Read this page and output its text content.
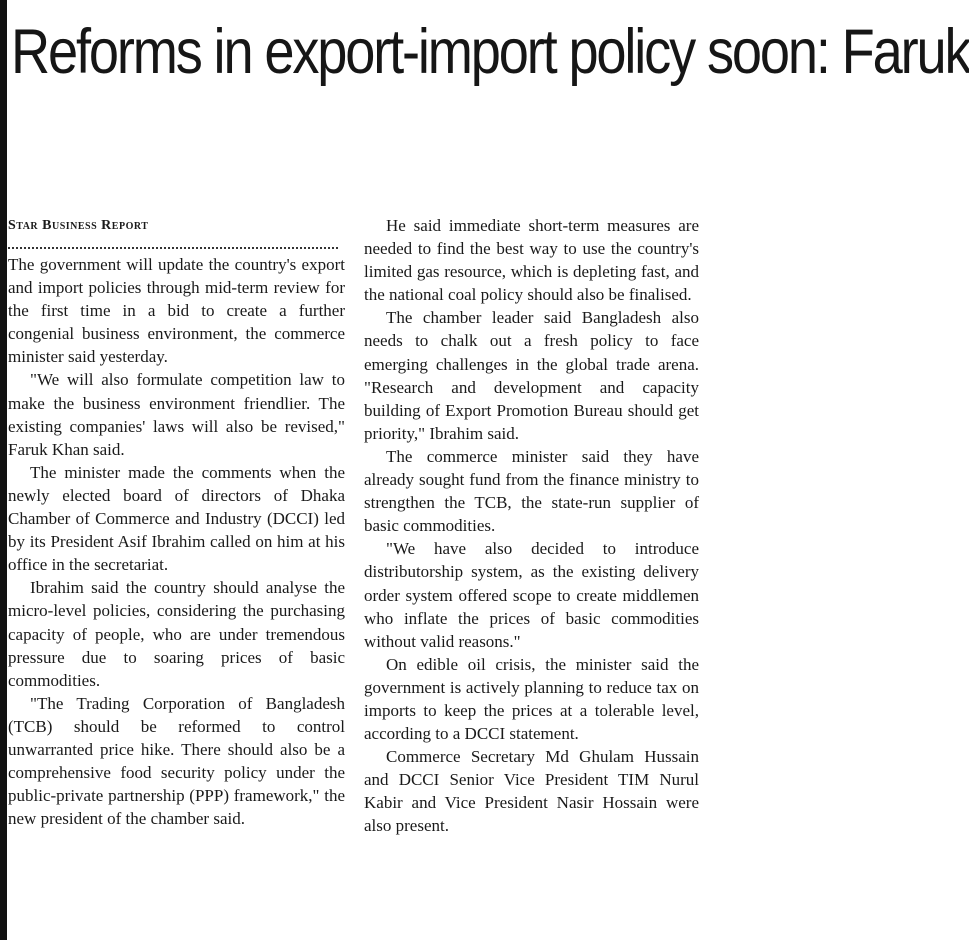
Reforms in export-import policy soon: Faruk
Star Business Report

The government will update the country's export and import policies through mid-term review for the first time in a bid to create a further congenial business environment, the commerce minister said yesterday.

"We will also formulate competition law to make the business environment friendlier. The existing companies' laws will also be revised," Faruk Khan said.

The minister made the comments when the newly elected board of directors of Dhaka Chamber of Commerce and Industry (DCCI) led by its President Asif Ibrahim called on him at his office in the secretariat.

Ibrahim said the country should analyse the micro-level policies, considering the purchasing capacity of people, who are under tremendous pressure due to soaring prices of basic commodities.

"The Trading Corporation of Bangladesh (TCB) should be reformed to control unwarranted price hike. There should also be a comprehensive food security policy under the public-private partnership (PPP) framework," the new president of the chamber said.

He said immediate short-term measures are needed to find the best way to use the country's limited gas resource, which is depleting fast, and the national coal policy should also be finalised.

The chamber leader said Bangladesh also needs to chalk out a fresh policy to face emerging challenges in the global trade arena. "Research and development and capacity building of Export Promotion Bureau should get priority," Ibrahim said.

The commerce minister said they have already sought fund from the finance ministry to strengthen the TCB, the state-run supplier of basic commodities.

"We have also decided to introduce distributorship system, as the existing delivery order system offered scope to create middlemen who inflate the prices of basic commodities without valid reasons."

On edible oil crisis, the minister said the government is actively planning to reduce tax on imports to keep the prices at a tolerable level, according to a DCCI statement.

Commerce Secretary Md Ghulam Hussain and DCCI Senior Vice President TIM Nurul Kabir and Vice President Nasir Hossain were also present.
